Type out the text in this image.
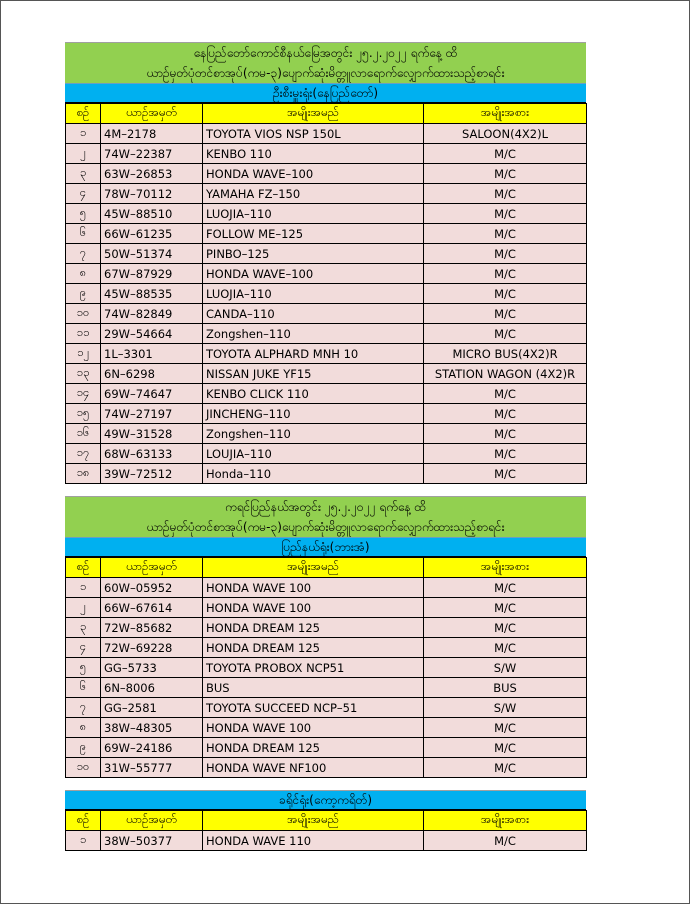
နေပြည်တော်ကောင်စီနယ်မြေအတွင်း ၂၅.၂.၂၀၂၂ ရက်နေ့ ထိ
ယာဉ်မှတ်ပုံတင်စာအုပ်(ကမ-၃)ပျောက်ဆုံးမိတ္တူလာရောက်လျှောက်ထားသည့်စာရင်း
ဦးစီးမှူးရုံး(နေပြည်တော်)
စဉ်	ယာဉ်အမှတ်	အမျိုးအမည်	အမျိုးအစား
၁	4M–2178	TOYOTA VIOS NSP 150L	SALOON(4X2)L
၂	74W–22387	KENBO 110	M/C
၃	63W–26853	HONDA WAVE–100	M/C
၄	78W–70112	YAMAHA FZ–150	M/C
၅	45W–88510	LUOJIA–110	M/C
၆	66W–61235	FOLLOW ME–125	M/C
၇	50W–51374	PINBO–125	M/C
၈	67W–87929	HONDA WAVE–100	M/C
၉	45W–88535	LUOJIA–110	M/C
၁၀	74W–82849	CANDA–110	M/C
၁၁	29W–54664	Zongshen–110	M/C
၁၂	1L–3301	TOYOTA ALPHARD MNH 10	MICRO BUS(4X2)R
၁၃	6N–6298	NISSAN JUKE YF15	STATION WAGON (4X2)R
၁၄	69W–74647	KENBO CLICK 110	M/C
၁၅	74W–27197	JINCHENG–110	M/C
၁၆	49W–31528	Zongshen–110	M/C
၁၇	68W–63133	LOUJIA–110	M/C
၁၈	39W–72512	Honda–110	M/C
ကရင်ပြည်နယ်အတွင်း ၂၅.၂.၂၀၂၂ ရက်နေ့ ထိ
ယာဉ်မှတ်ပုံတင်စာအုပ်(ကမ-၃)ပျောက်ဆုံးမိတ္တူလာရောက်လျှောက်ထားသည့်စာရင်း
ပြည်နယ်ရုံး(ဘားအံ)
စဉ်	ယာဉ်အမှတ်	အမျိုးအမည်	အမျိုးအစား
၁	60W–05952	HONDA WAVE 100	M/C
၂	66W–67614	HONDA WAVE 100	M/C
၃	72W–85682	HONDA DREAM 125	M/C
၄	72W–69228	HONDA DREAM 125	M/C
၅	GG–5733	TOYOTA PROBOX NCP51	S/W
၆	6N–8006	BUS	BUS
၇	GG–2581	TOYOTA SUCCEED NCP–51	S/W
၈	38W–48305	HONDA WAVE 100	M/C
၉	69W–24186	HONDA DREAM 125	M/C
၁၀	31W–55777	HONDA WAVE NF100	M/C
ခရိုင်ရုံး(ကော့ကရိတ်)
စဉ်	ယာဉ်အမှတ်	အမျိုးအမည်	အမျိုးအစား
၁	38W–50377	HONDA WAVE 110	M/C
